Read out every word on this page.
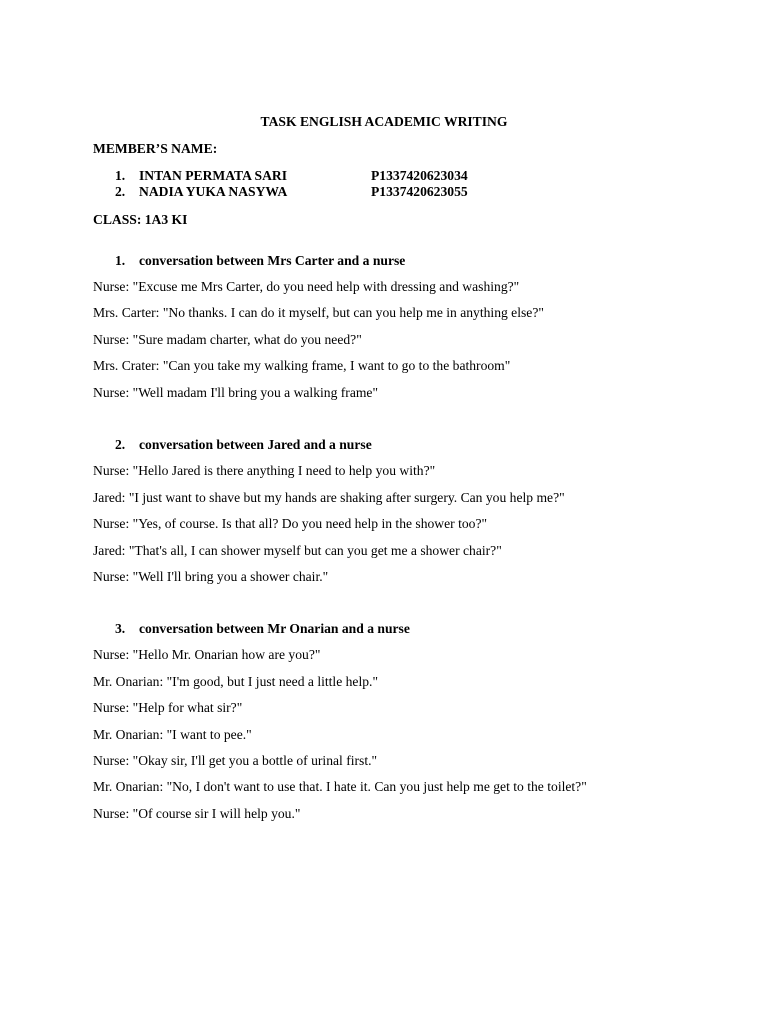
TASK ENGLISH ACADEMIC WRITING
MEMBER’S NAME:
1. INTAN PERMATA SARI	P1337420623034
2. NADIA YUKA NASYWA	P1337420623055
CLASS: 1A3 KI
1. conversation between Mrs Carter and a nurse
Nurse: "Excuse me Mrs Carter, do you need help with dressing and washing?"
Mrs. Carter: "No thanks. I can do it myself, but can you help me in anything else?"
Nurse: "Sure madam charter, what do you need?"
Mrs. Crater: "Can you take my walking frame, I want to go to the bathroom"
Nurse: "Well madam I'll bring you a walking frame"
2. conversation between Jared and a nurse
Nurse: "Hello Jared is there anything I need to help you with?"
Jared: "I just want to shave but my hands are shaking after surgery. Can you help me?"
Nurse: "Yes, of course. Is that all? Do you need help in the shower too?"
Jared: "That's all, I can shower myself but can you get me a shower chair?"
Nurse: "Well I'll bring you a shower chair."
3. conversation between Mr Onarian and a nurse
Nurse: "Hello Mr. Onarian how are you?"
Mr. Onarian: "I'm good, but I just need a little help."
Nurse: "Help for what sir?"
Mr. Onarian: "I want to pee."
Nurse: "Okay sir, I'll get you a bottle of urinal first."
Mr. Onarian: "No, I don't want to use that. I hate it. Can you just help me get to the toilet?"
Nurse: "Of course sir I will help you."
